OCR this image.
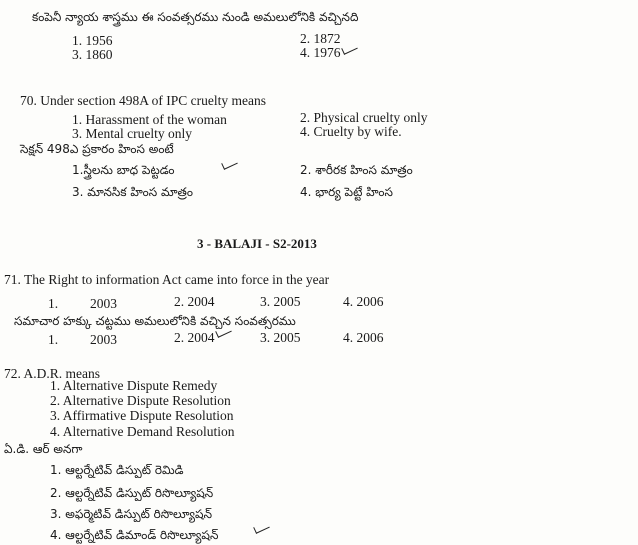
కంపెనీ న్యాయ శాస్త్రము ఈ సంవత్సరము నుండి అమలులోనికి వచ్చినది
1. 1956	2. 1872
3. 1860	4. 1976
70. Under section 498A of IPC cruelty means
1. Harassment of the woman	2. Physical cruelty only
3. Mental cruelty only	4. Cruelty by wife.
సెక్షన్ 498ఎ ప్రకారం హింస అంటే
1.స్త్రీలను బాధ పెట్టడం	2. శారీరక హింస మాత్రం
3. మానసిక హింస మాత్రం	4. భార్య పెట్టే హింస
3 - BALAJI - S2-2013
71. The Right to information Act came into force in the year
1. 2003	2. 2004	3. 2005	4. 2006
సమాచార హక్కు చట్టము అమలులోనికి వచ్చిన సంవత్సరము
1. 2003	2. 2004	3. 2005	4. 2006
72. A.D.R. means
1. Alternative Dispute Remedy
2. Alternative Dispute Resolution
3. Affirmative Dispute Resolution
4. Alternative Demand Resolution
ఏ.డి. ఆర్ అనగా
1. ఆల్టర్నేటివ్ డిస్పుట్ రెమిడి
2. ఆల్టర్నేటివ్ డిస్పుట్ రిసొల్యూషన్
3. అఫర్మెటివ్ డిస్పుట్ రిసొల్యూషన్
4. ఆల్టర్నేటివ్ డిమాండ్ రిసొల్యూషన్
